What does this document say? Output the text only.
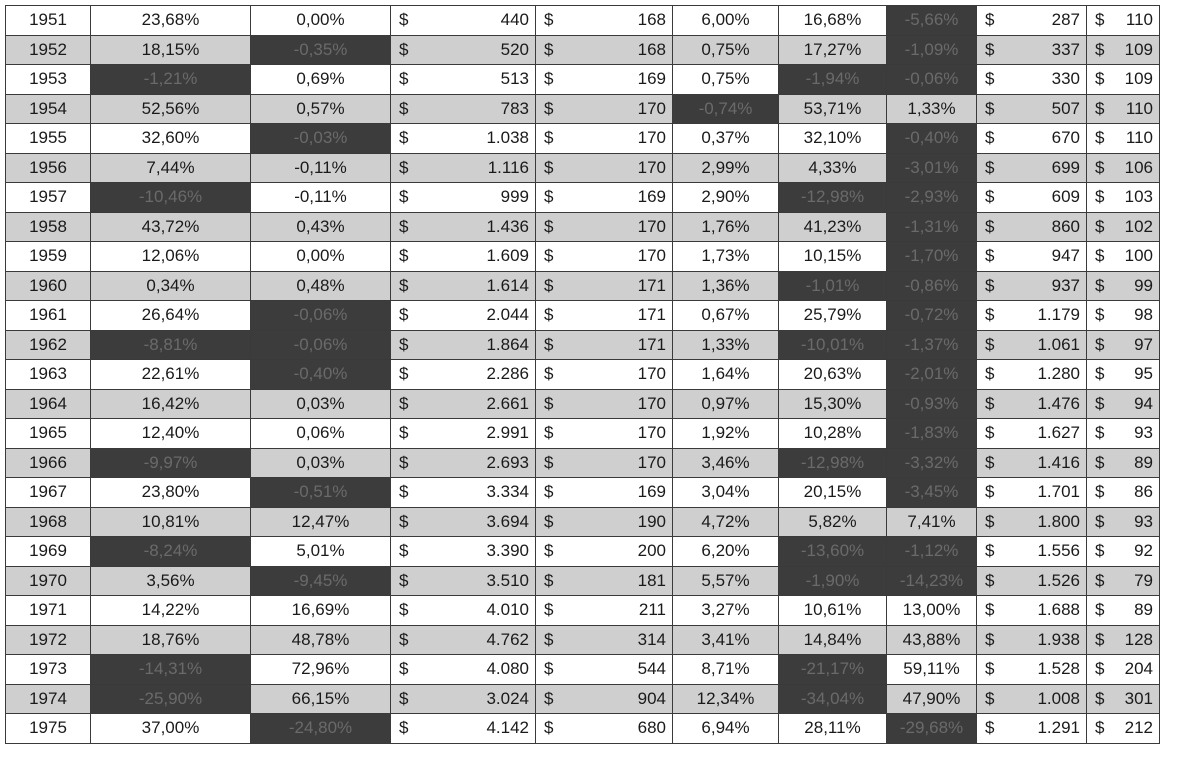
1951	23,68%	0,00%	$	440	$	168	6,00%	16,68%	-5,66%	$	287	$	110
1952	18,15%	-0,35%	$	520	$	168	0,75%	17,27%	-1,09%	$	337	$	109
1953	-1,21%	0,69%	$	513	$	169	0,75%	-1,94%	-0,06%	$	330	$	109
1954	52,56%	0,57%	$	783	$	170	-0,74%	53,71%	1,33%	$	507	$	110
1955	32,60%	-0,03%	$	1.038	$	170	0,37%	32,10%	-0,40%	$	670	$	110
1956	7,44%	-0,11%	$	1.116	$	170	2,99%	4,33%	-3,01%	$	699	$	106
1957	-10,46%	-0,11%	$	999	$	169	2,90%	-12,98%	-2,93%	$	609	$	103
1958	43,72%	0,43%	$	1.436	$	170	1,76%	41,23%	-1,31%	$	860	$	102
1959	12,06%	0,00%	$	1.609	$	170	1,73%	10,15%	-1,70%	$	947	$	100
1960	0,34%	0,48%	$	1.614	$	171	1,36%	-1,01%	-0,86%	$	937	$	99
1961	26,64%	-0,06%	$	2.044	$	171	0,67%	25,79%	-0,72%	$	1.179	$	98
1962	-8,81%	-0,06%	$	1.864	$	171	1,33%	-10,01%	-1,37%	$	1.061	$	97
1963	22,61%	-0,40%	$	2.286	$	170	1,64%	20,63%	-2,01%	$	1.280	$	95
1964	16,42%	0,03%	$	2.661	$	170	0,97%	15,30%	-0,93%	$	1.476	$	94
1965	12,40%	0,06%	$	2.991	$	170	1,92%	10,28%	-1,83%	$	1.627	$	93
1966	-9,97%	0,03%	$	2.693	$	170	3,46%	-12,98%	-3,32%	$	1.416	$	89
1967	23,80%	-0,51%	$	3.334	$	169	3,04%	20,15%	-3,45%	$	1.701	$	86
1968	10,81%	12,47%	$	3.694	$	190	4,72%	5,82%	7,41%	$	1.800	$	93
1969	-8,24%	5,01%	$	3.390	$	200	6,20%	-13,60%	-1,12%	$	1.556	$	92
1970	3,56%	-9,45%	$	3.510	$	181	5,57%	-1,90%	-14,23%	$	1.526	$	79
1971	14,22%	16,69%	$	4.010	$	211	3,27%	10,61%	13,00%	$	1.688	$	89
1972	18,76%	48,78%	$	4.762	$	314	3,41%	14,84%	43,88%	$	1.938	$	128
1973	-14,31%	72,96%	$	4.080	$	544	8,71%	-21,17%	59,11%	$	1.528	$	204
1974	-25,90%	66,15%	$	3.024	$	904	12,34%	-34,04%	47,90%	$	1.008	$	301
1975	37,00%	-24,80%	$	4.142	$	680	6,94%	28,11%	-29,68%	$	1.291	$	212
